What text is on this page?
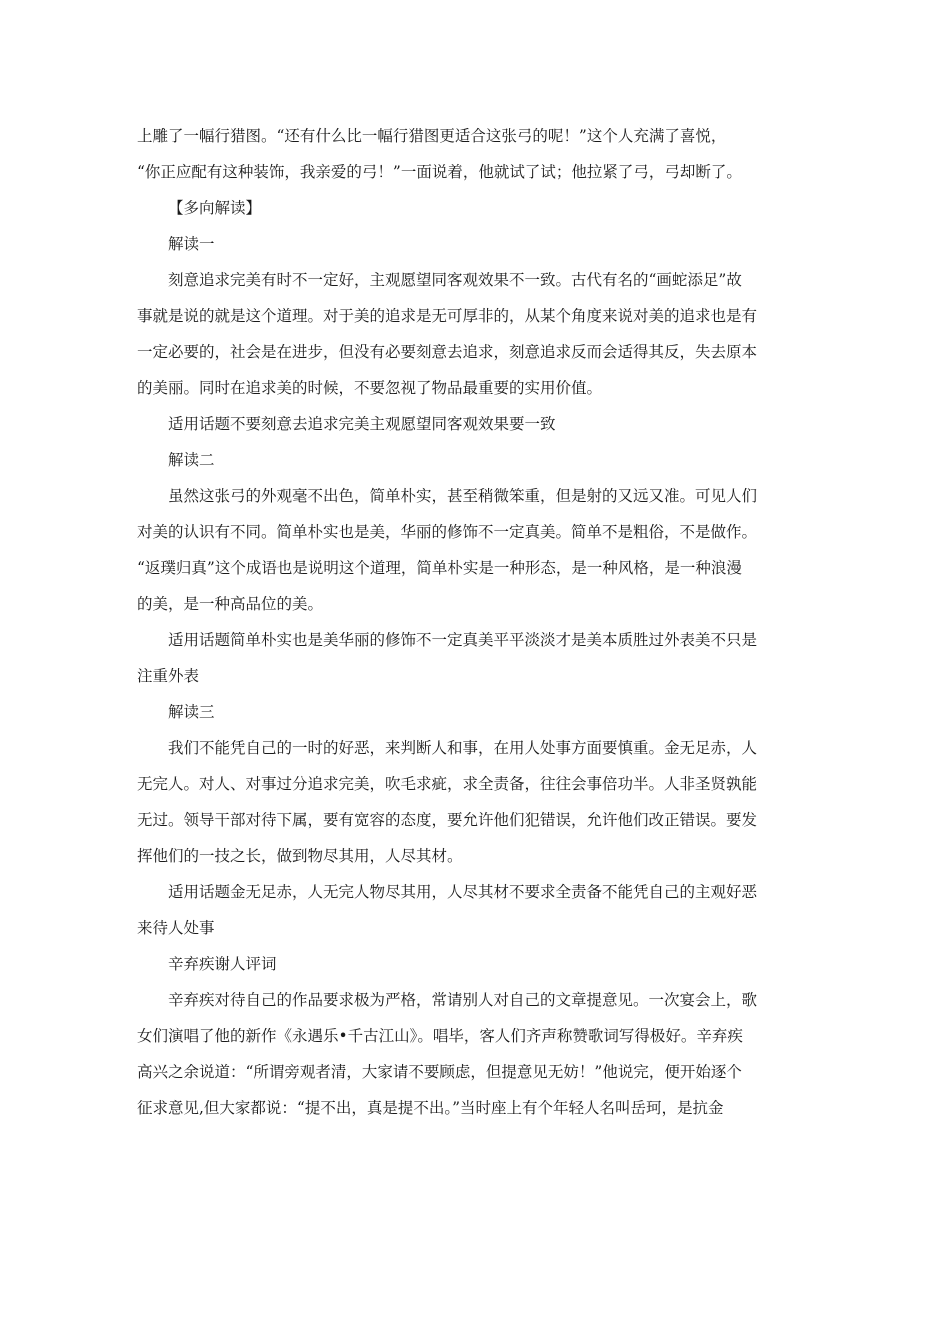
上雕了一幅行猎图。“还有什么比一幅行猎图更适合这张弓的呢！”这个人充满了喜悦，
“你正应配有这种装饰，我亲爱的弓！”一面说着，他就试了试；他拉紧了弓，弓却断了。
【多向解读】
解读一
刻意追求完美有时不一定好，主观愿望同客观效果不一致。古代有名的“画蛇添足”故
事就是说的就是这个道理。对于美的追求是无可厚非的，从某个角度来说对美的追求也是有
一定必要的，社会是在进步，但没有必要刻意去追求，刻意追求反而会适得其反，失去原本
的美丽。同时在追求美的时候，不要忽视了物品最重要的实用价值。
适用话题不要刻意去追求完美主观愿望同客观效果要一致
解读二
虽然这张弓的外观毫不出色，简单朴实，甚至稍微笨重，但是射的又远又准。可见人们
对美的认识有不同。简单朴实也是美，华丽的修饰不一定真美。简单不是粗俗，不是做作。
“返璞归真”这个成语也是说明这个道理，简单朴实是一种形态，是一种风格，是一种浪漫
的美，是一种高品位的美。
适用话题简单朴实也是美华丽的修饰不一定真美平平淡淡才是美本质胜过外表美不只是
注重外表
解读三
我们不能凭自己的一时的好恶，来判断人和事，在用人处事方面要慎重。金无足赤，人
无完人。对人、对事过分追求完美，吹毛求疵，求全责备，往往会事倍功半。人非圣贤孰能
无过。领导干部对待下属，要有宽容的态度，要允许他们犯错误，允许他们改正错误。要发
挥他们的一技之长，做到物尽其用，人尽其材。
适用话题金无足赤，人无完人物尽其用，人尽其材不要求全责备不能凭自己的主观好恶
来待人处事
辛弃疾谢人评词
辛弃疾对待自己的作品要求极为严格，常请别人对自己的文章提意见。一次宴会上，歌
女们演唱了他的新作《永遇乐•千古江山》。唱毕，客人们齐声称赞歌词写得极好。辛弃疾
高兴之余说道：“所谓旁观者清，大家请不要顾虑，但提意见无妨！”他说完，便开始逐个
征求意见,但大家都说：“提不出，真是提不出。”当时座上有个年轻人名叫岳珂，是抗金
